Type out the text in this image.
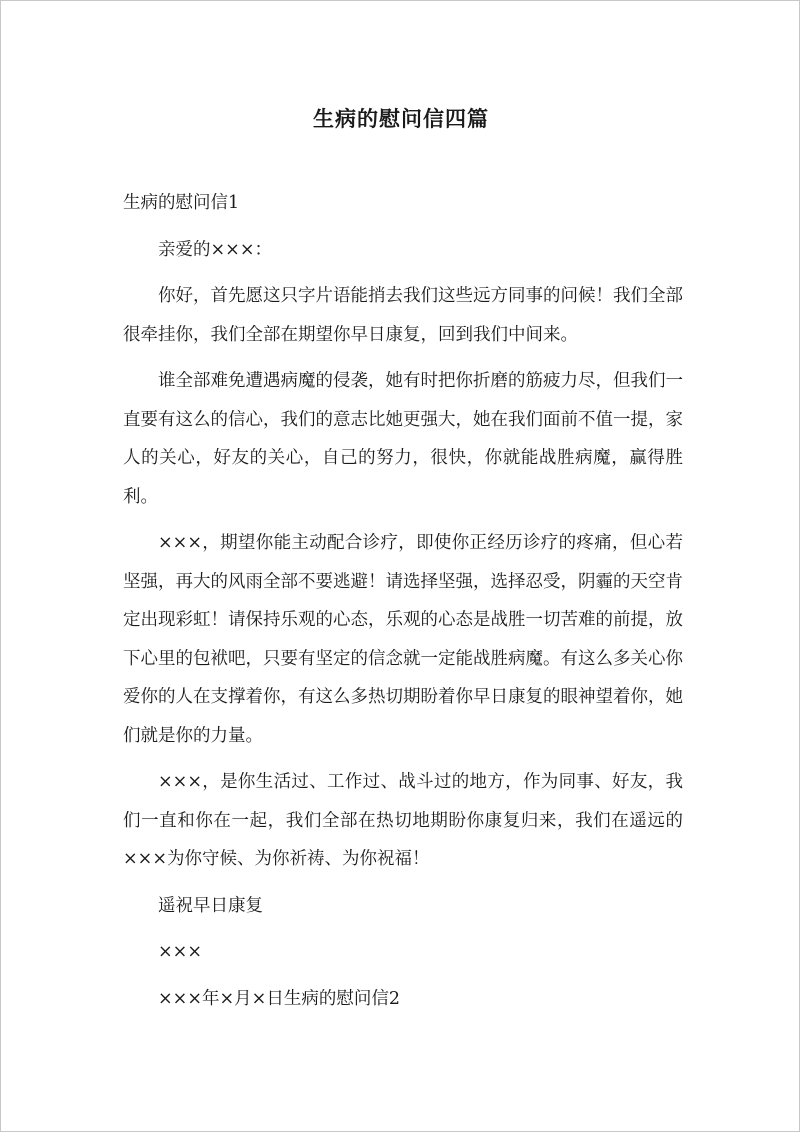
生病的慰问信四篇

生病的慰问信1

亲爱的×××：

你好，首先愿这只字片语能捎去我们这些远方同事的问候！我们全部很牵挂你，我们全部在期望你早日康复，回到我们中间来。

谁全部难免遭遇病魔的侵袭，她有时把你折磨的筋疲力尽，但我们一直要有这么的信心，我们的意志比她更强大，她在我们面前不值一提，家人的关心，好友的关心，自己的努力，很快，你就能战胜病魔，赢得胜利。

×××，期望你能主动配合诊疗，即使你正经历诊疗的疼痛，但心若坚强，再大的风雨全部不要逃避！请选择坚强，选择忍受，阴霾的天空肯定出现彩虹！请保持乐观的心态，乐观的心态是战胜一切苦难的前提，放下心里的包袱吧，只要有坚定的信念就一定能战胜病魔。有这么多关心你爱你的人在支撑着你，有这么多热切期盼着你早日康复的眼神望着你，她们就是你的力量。

×××，是你生活过、工作过、战斗过的地方，作为同事、好友，我们一直和你在一起，我们全部在热切地期盼你康复归来，我们在遥远的×××为你守候、为你祈祷、为你祝福！

遥祝早日康复

×××

×××年×月×日生病的慰问信2
